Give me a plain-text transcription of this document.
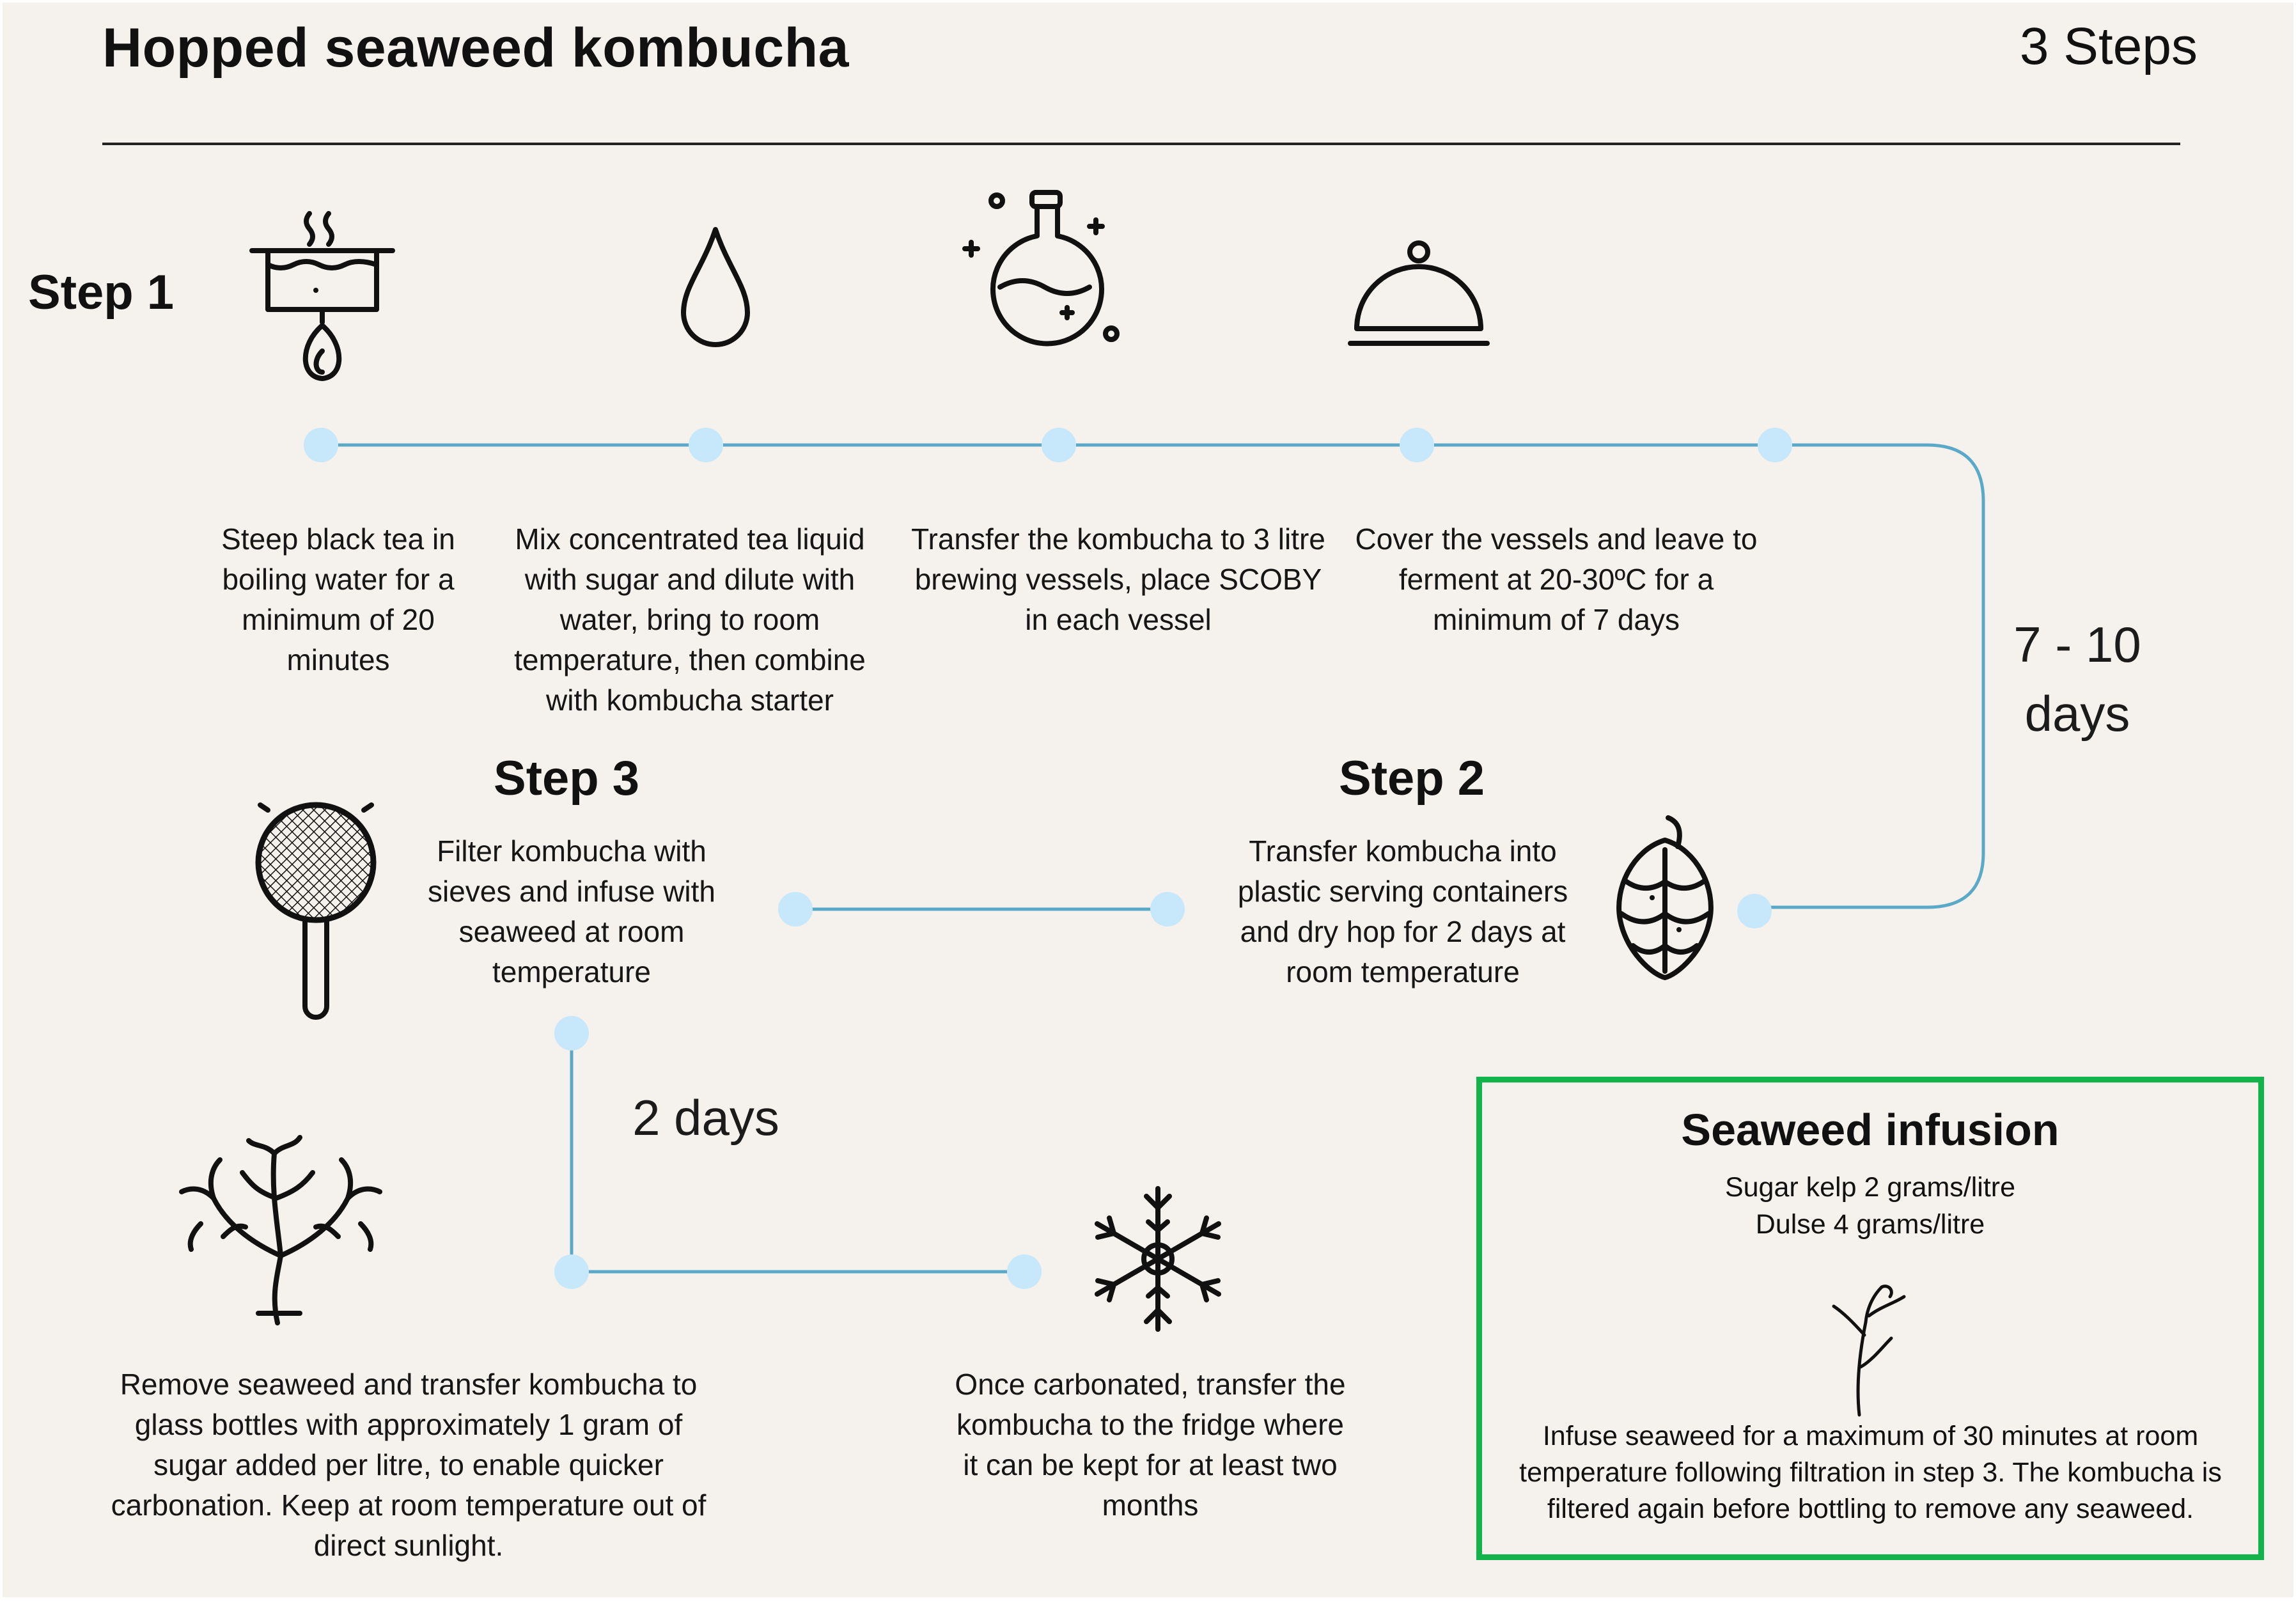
Hopped seaweed kombucha	3 Steps
Step 1
Steep black tea in boiling water for a minimum of 20 minutes
Mix concentrated tea liquid with sugar and dilute with water, bring to room temperature, then combine with kombucha starter
Transfer the kombucha to 3 litre brewing vessels, place SCOBY in each vessel
Cover the vessels and leave to ferment at 20-30ºC for a minimum of 7 days	7 - 10 days
Step 2
Transfer kombucha into plastic serving containers and dry hop for 2 days at room temperature
Step 3
Filter kombucha with sieves and infuse with seaweed at room temperature
2 days
Remove seaweed and transfer kombucha to glass bottles with approximately 1 gram of sugar added per litre, to enable quicker carbonation. Keep at room temperature out of direct sunlight.
Once carbonated, transfer the kombucha to the fridge where it can be kept for at least two months
Seaweed infusion
Sugar kelp 2 grams/litre
Dulse 4 grams/litre
Infuse seaweed for a maximum of 30 minutes at room temperature following filtration in step 3. The kombucha is filtered again before bottling to remove any seaweed.
